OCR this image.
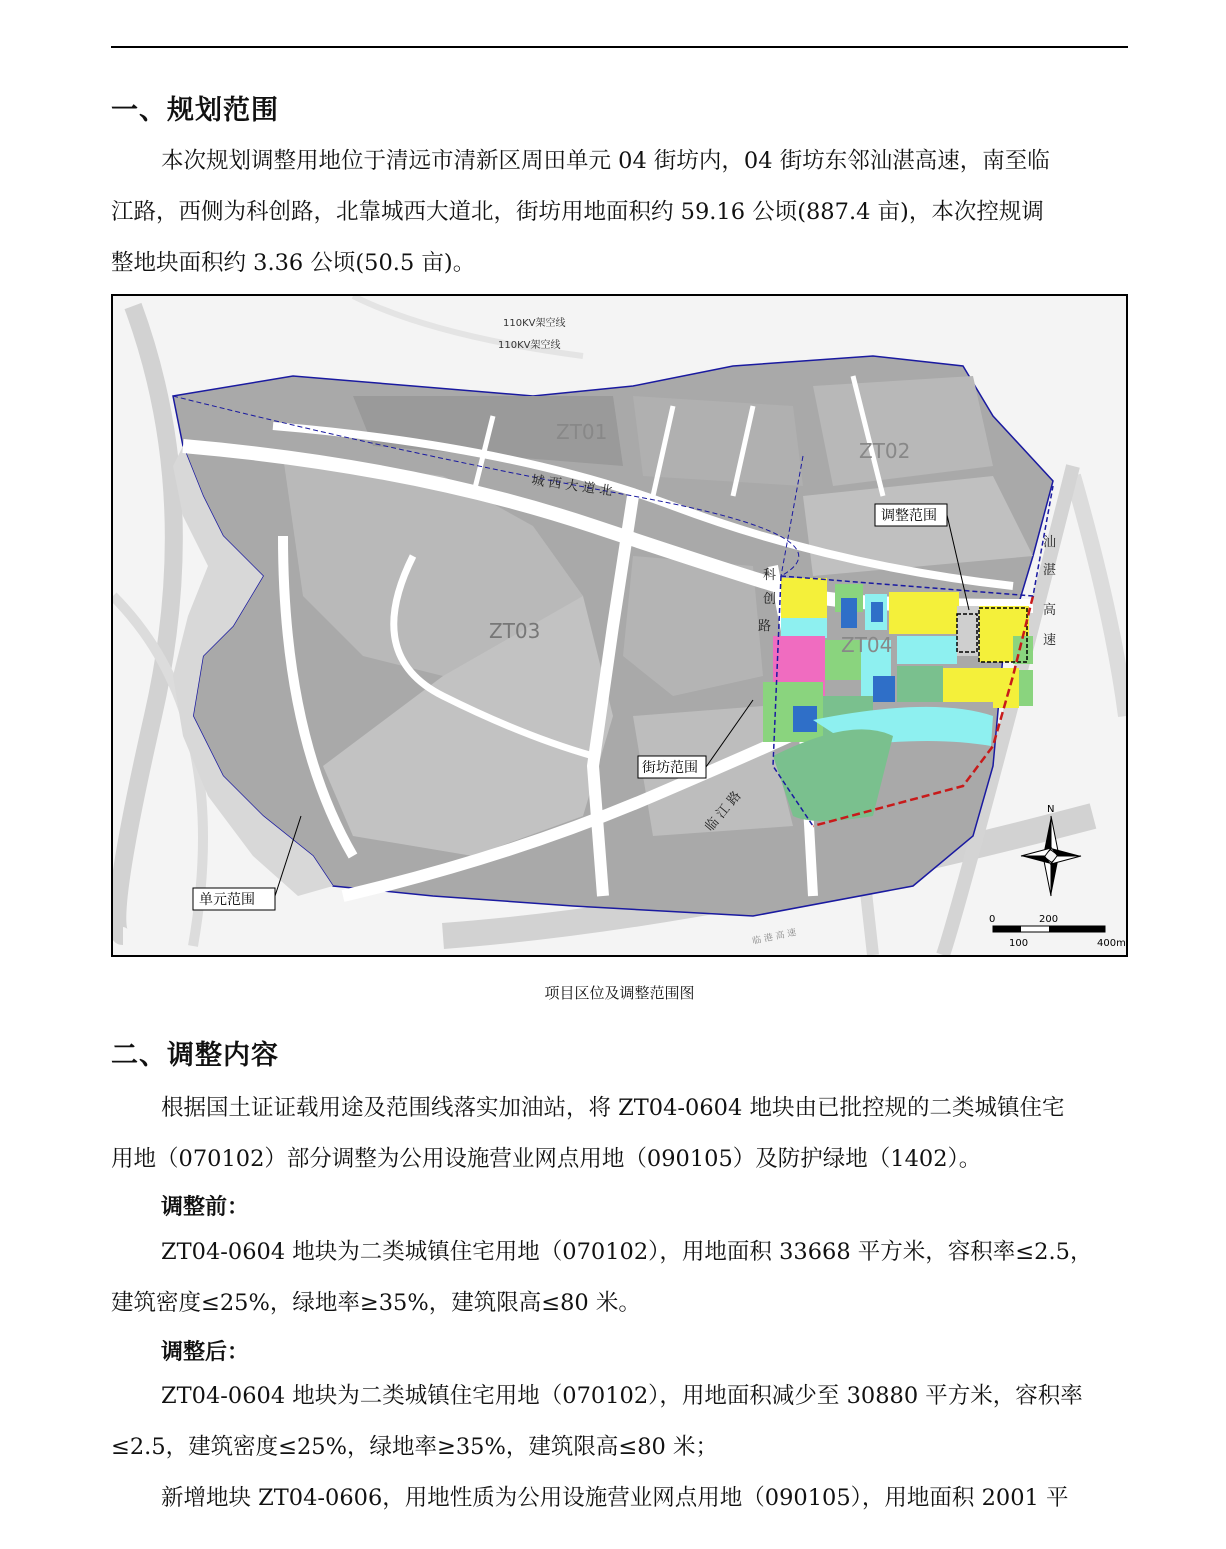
一、规划范围
本次规划调整用地位于清远市清新区周田单元 04 街坊内，04 街坊东邻汕湛高速，南至临
江路，西侧为科创路，北靠城西大道北，街坊用地面积约 59.16 公顷(887.4 亩)，本次控规调
整地块面积约 3.36 公顷(50.5 亩)。
110KV架空线
110KV架空线
ZT01
ZT02
ZT03
ZT04
城 西 大 道 北
科
创
路
临 江 路
汕
湛
高
速
临 港 高 速
调整范围
街坊范围
单元范围
N
0	200
100	400m
项目区位及调整范围图
二、调整内容
根据国土证证载用途及范围线落实加油站，将 ZT04-0604 地块由已批控规的二类城镇住宅
用地（070102）部分调整为公用设施营业网点用地（090105）及防护绿地（1402）。
调整前：
ZT04-0604 地块为二类城镇住宅用地（070102），用地面积 33668 平方米，容积率≤2.5，
建筑密度≤25%，绿地率≥35%，建筑限高≤80 米。
调整后：
ZT04-0604 地块为二类城镇住宅用地（070102），用地面积减少至 30880 平方米，容积率
≤2.5，建筑密度≤25%，绿地率≥35%，建筑限高≤80 米；
新增地块 ZT04-0606，用地性质为公用设施营业网点用地（090105），用地面积 2001 平
